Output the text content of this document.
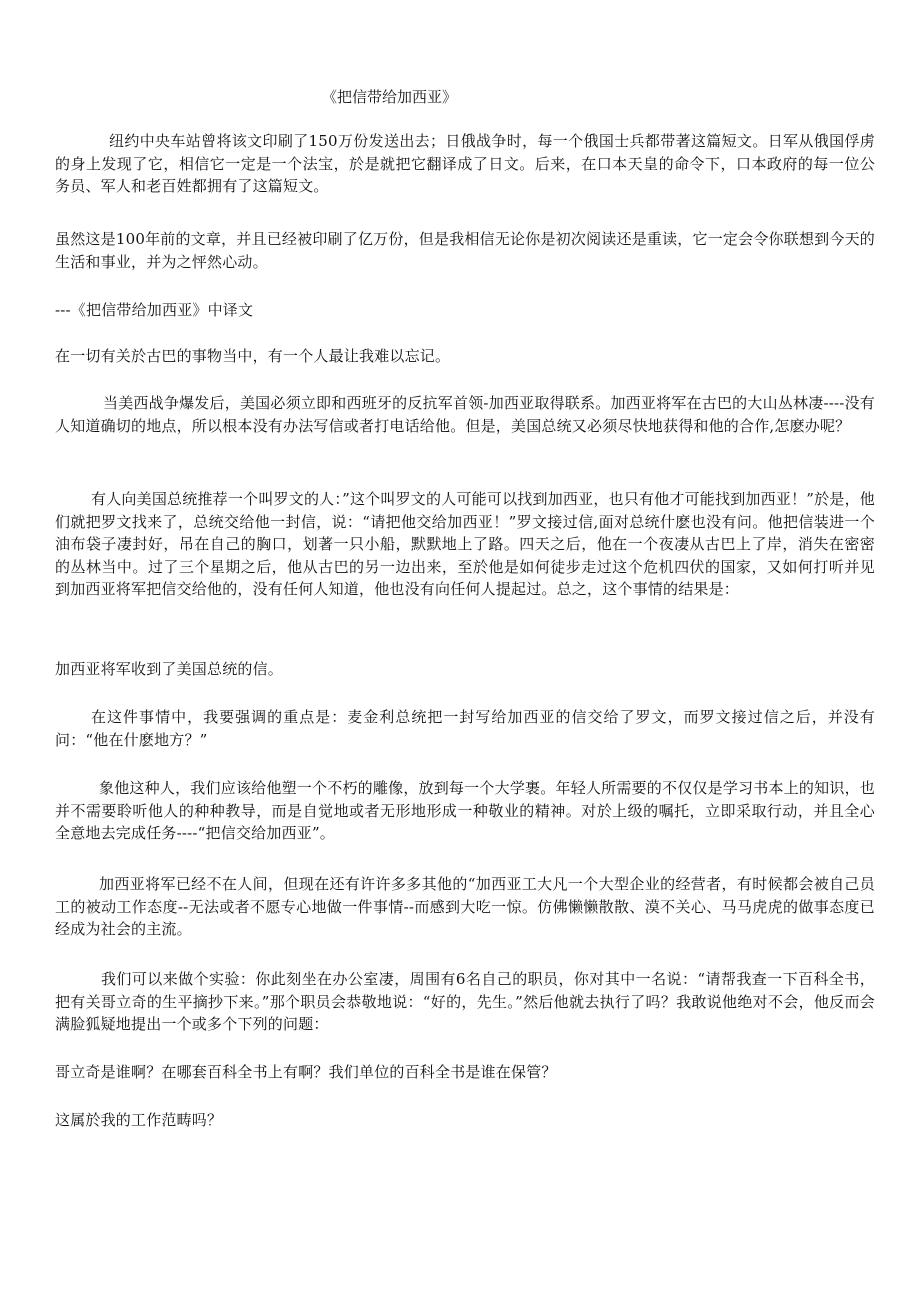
《把信带给加西亚》

纽约中央车站曾将该文印刷了150万份发送出去；日俄战争时，每一个俄国士兵都带著这篇短文。日军从俄国俘虏的身上发现了它，相信它一定是一个法宝，於是就把它翻译成了日文。后来，在口本天皇的命令下，口本政府的每一位公务员、军人和老百姓都拥有了这篇短文。

虽然这是100年前的文章，并且已经被印刷了亿万份，但是我相信无论你是初次阅读还是重读，它一定会令你联想到今天的生活和事业，并为之怦然心动。

---《把信带给加西亚》中译文

在一切有关於古巴的事物当中，有一个人最让我难以忘记。

当美西战争爆发后，美国必须立即和西班牙的反抗军首领-加西亚取得联系。加西亚将军在古巴的大山丛林凄----没有人知道确切的地点，所以根本没有办法写信或者打电话给他。但是，美国总统又必须尽快地获得和他的合作,怎麽办呢？

有人向美国总统推荐一个叫罗文的人：”这个叫罗文的人可能可以找到加西亚，也只有他才可能找到加西亚！”於是，他们就把罗文找来了，总统交给他一封信，说：“请把他交给加西亚！”罗文接过信,面对总统什麽也没有问。他把信装进一个油布袋子凄封好，吊在自己的胸口，划著一只小船，默默地上了路。四天之后，他在一个夜凄从古巴上了岸，消失在密密的丛林当中。过了三个星期之后，他从古巴的另一边出来，至於他是如何徒步走过这个危机四伏的国家，又如何打听并见到加西亚将军把信交给他的，没有任何人知道，他也没有向任何人提起过。总之，这个事情的结果是：

加西亚将军收到了美国总统的信。

在这件事情中，我要强调的重点是：麦金利总统把一封写给加西亚的信交给了罗文，而罗文接过信之后，并没有问：“他在什麽地方？”

象他这种人，我们应该给他塑一个不朽的雕像，放到每一个大学裹。年轻人所需要的不仅仅是学习书本上的知识，也并不需要聆听他人的种种教导，而是自觉地或者无形地形成一种敬业的精神。对於上级的嘱托，立即采取行动，并且全心全意地去完成任务----“把信交给加西亚”。

加西亚将军已经不在人间，但现在还有许许多多其他的“加西亚工大凡一个大型企业的经营者，有时候都会被自己员工的被动工作态度--无法或者不愿专心地做一件事情--而感到大吃一惊。仿佛懒懒散散、漠不关心、马马虎虎的做事态度已经成为社会的主流。

我们可以来做个实验：你此刻坐在办公室凄，周围有6名自己的职员，你对其中一名说：“请帮我查一下百科全书，把有关哥立奇的生平摘抄下来。”那个职员会恭敬地说：“好的，先生。”然后他就去执行了吗？我敢说他绝对不会，他反而会满脸狐疑地提出一个或多个下列的问题：

哥立奇是谁啊？在哪套百科全书上有啊？我们单位的百科全书是谁在保管？

这属於我的工作范畴吗？
